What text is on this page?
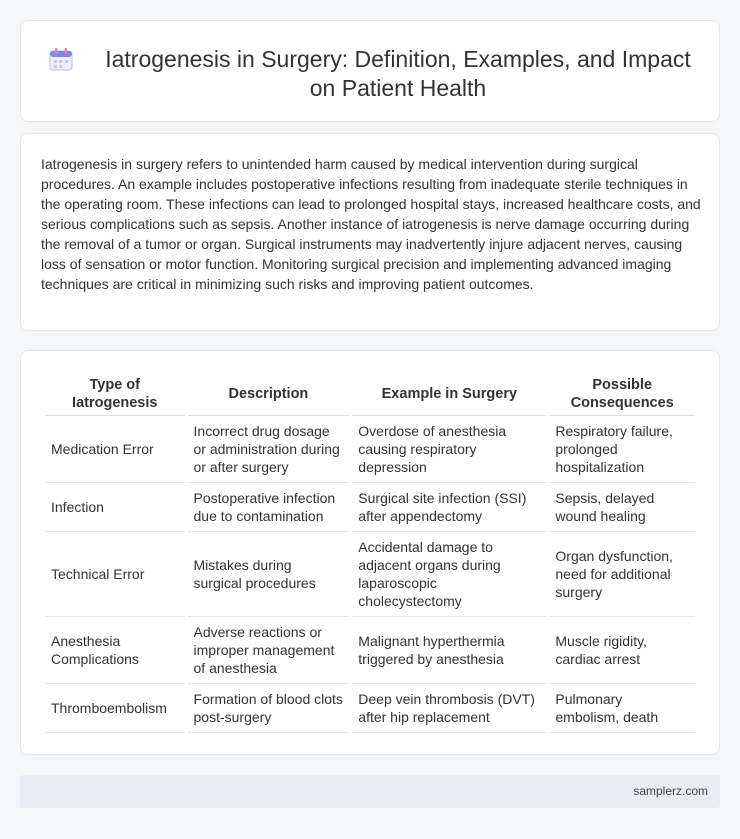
Iatrogenesis in Surgery: Definition, Examples, and Impact on Patient Health

Iatrogenesis in surgery refers to unintended harm caused by medical intervention during surgical procedures. An example includes postoperative infections resulting from inadequate sterile techniques in the operating room. These infections can lead to prolonged hospital stays, increased healthcare costs, and serious complications such as sepsis. Another instance of iatrogenesis is nerve damage occurring during the removal of a tumor or organ. Surgical instruments may inadvertently injure adjacent nerves, causing loss of sensation or motor function. Monitoring surgical precision and implementing advanced imaging techniques are critical in minimizing such risks and improving patient outcomes.

Type of Iatrogenesis	Description	Example in Surgery	Possible Consequences
Medication Error	Incorrect drug dosage or administration during or after surgery	Overdose of anesthesia causing respiratory depression	Respiratory failure, prolonged hospitalization
Infection	Postoperative infection due to contamination	Surgical site infection (SSI) after appendectomy	Sepsis, delayed wound healing
Technical Error	Mistakes during surgical procedures	Accidental damage to adjacent organs during laparoscopic cholecystectomy	Organ dysfunction, need for additional surgery
Anesthesia Complications	Adverse reactions or improper management of anesthesia	Malignant hyperthermia triggered by anesthesia	Muscle rigidity, cardiac arrest
Thromboembolism	Formation of blood clots post-surgery	Deep vein thrombosis (DVT) after hip replacement	Pulmonary embolism, death
samplerz.com
